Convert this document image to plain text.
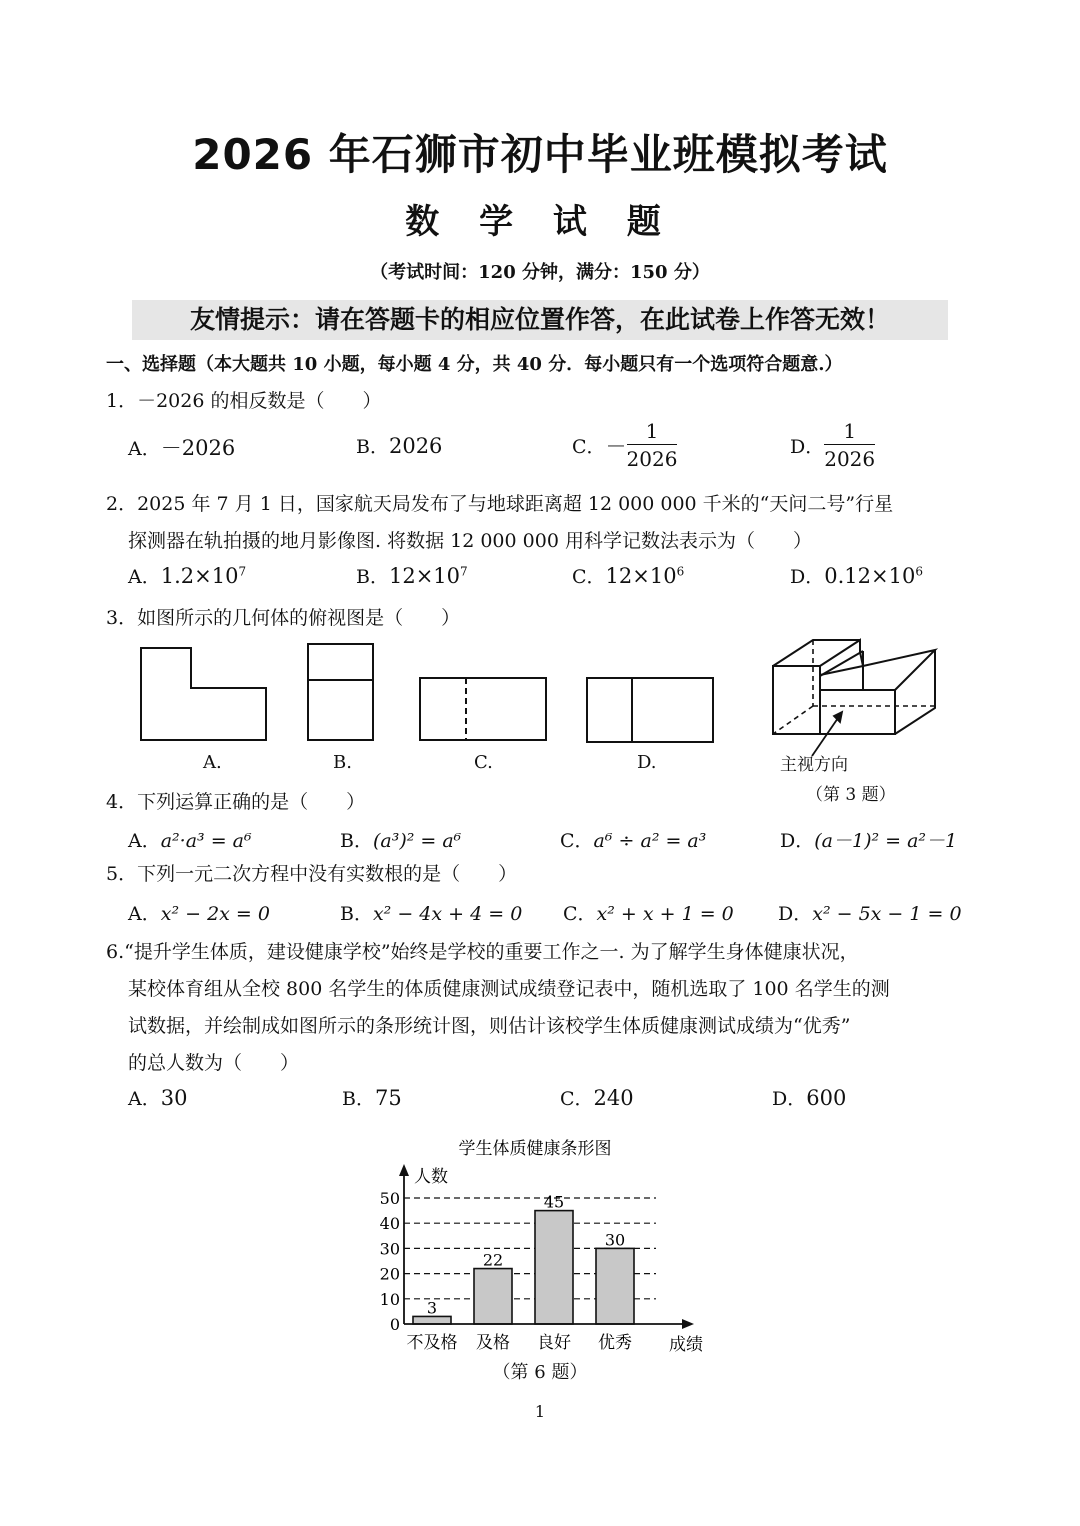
2026 年石狮市初中毕业班模拟考试
数 学 试 题
（考试时间：120 分钟，满分：150 分）
友情提示：请在答题卡的相应位置作答，在此试卷上作答无效！
一、选择题（本大题共 10 小题，每小题 4 分，共 40 分．每小题只有一个选项符合题意.）
1．－2026 的相反数是（　　）
A．－2026	B．2026	C．－ $\frac{1}{2026}$	D． $\frac{1}{2026}$
2．2025 年 7 月 1 日，国家航天局发布了与地球距离超 12 000 000 千米的“天问二号”行星
探测器在轨拍摄的地月影像图. 将数据 12 000 000 用科学记数法表示为（　　）
A．$1.2\times 10^7$	B．$12\times 10^7$	C．$12\times 10^6$	D．$0.12\times 10^6$
3．如图所示的几何体的俯视图是（　　）
A.	B.	C.	D.	主视方向
（第 3 题）
4．下列运算正确的是（　　）
A．a²·a³ = a⁶	B．(a³)² = a⁶	C．a⁶ ÷ a² = a³	D．(a－1)² = a²－1
5．下列一元二次方程中没有实数根的是（　　）
A．x² − 2x = 0	B．x² − 4x + 4 = 0 C．x² + x + 1 = 0 D．x² − 5x − 1 = 0
6.“提升学生体质，建设健康学校”始终是学校的重要工作之一. 为了解学生身体健康状况，
某校体育组从全校 800 名学生的体质健康测试成绩登记表中，随机选取了 100 名学生的测
试数据，并绘制成如图所示的条形统计图，则估计该校学生体质健康测试成绩为“优秀”
的总人数为（　　）
A．30	B．75	C．240	D．600
学生体质健康条形图
人数
成绩
3
22
45
30
0
10
20
30
40
50
不及格 及格 良好 优秀
（第 6 题）
1
